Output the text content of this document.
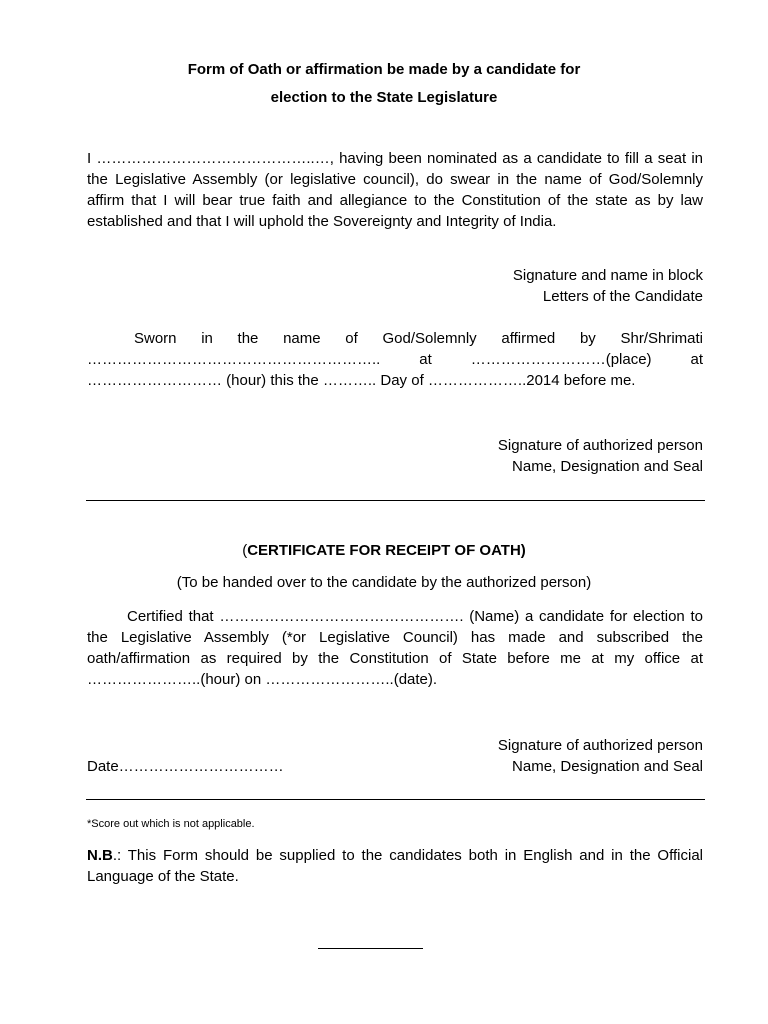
Form of Oath or affirmation be made by a candidate for
election to the State Legislature

I ……………………………………..…, having been nominated as a candidate to fill a seat in the Legislative Assembly (or legislative council), do swear in the name of God/Solemnly affirm that I will bear true faith and allegiance to the Constitution of the state as by law established and that I will uphold the Sovereignty and Integrity of India.

Signature and name in block
Letters of the Candidate
Sworn in the name of God/Solemnly affirmed by Shr/Shrimati
………………………………………………….. at ………………………(place) at
……………………… (hour) this the ……….. Day of ………………..2014 before me.
Signature of authorized person
Name, Designation and Seal
(CERTIFICATE FOR RECEIPT OF OATH)
(To be handed over to the candidate by the authorized person)

Certified that …………………………………………. (Name) a candidate for election to the Legislative Assembly (*or Legislative Council) has made and subscribed the oath/affirmation as required by the Constitution of State before me at my office at …………………..(hour) on ……………………..(date).

Signature of authorized person
Name, Designation and Seal
Date……………………………
*Score out which is not applicable.

N.B.: This Form should be supplied to the candidates both in English and in the Official Language of the State.
